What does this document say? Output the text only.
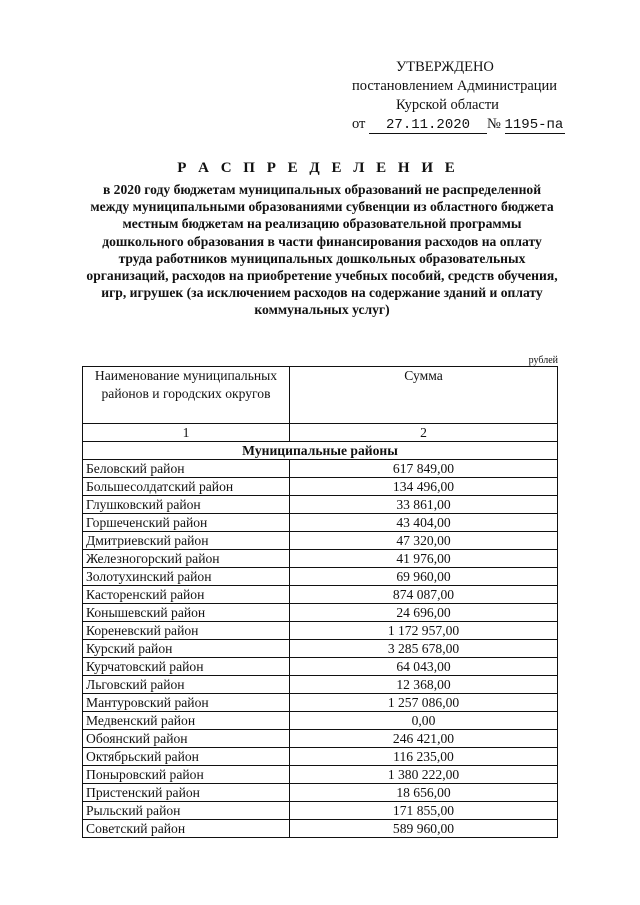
УТВЕРЖДЕНО
постановлением Администрации
Курской области
от 27.11.2020 № 1195-па
Р А С П Р Е Д Е Л Е Н И Е
в 2020 году бюджетам муниципальных образований не распределенной между муниципальными образованиями субвенции из областного бюджета местным бюджетам на реализацию образовательной программы дошкольного образования в части финансирования расходов на оплату труда работников муниципальных дошкольных образовательных организаций, расходов на приобретение учебных пособий, средств обучения, игр, игрушек (за исключением расходов на содержание зданий и оплату коммунальных услуг)
рублей
Наименование муниципальных районов и городских округов	Сумма
1	2
Муниципальные районы	
Беловский район	617 849,00
Большесолдатский район	134 496,00
Глушковский район	33 861,00
Горшеченский район	43 404,00
Дмитриевский район	47 320,00
Железногорский район	41 976,00
Золотухинский район	69 960,00
Касторенский район	874 087,00
Конышевский район	24 696,00
Кореневский район	1 172 957,00
Курский район	3 285 678,00
Курчатовский район	64 043,00
Льговский район	12 368,00
Мантуровский район	1 257 086,00
Медвенский район	0,00
Обоянский район	246 421,00
Октябрьский район	116 235,00
Поныровский район	1 380 222,00
Пристенский район	18 656,00
Рыльский район	171 855,00
Советский район	589 960,00
